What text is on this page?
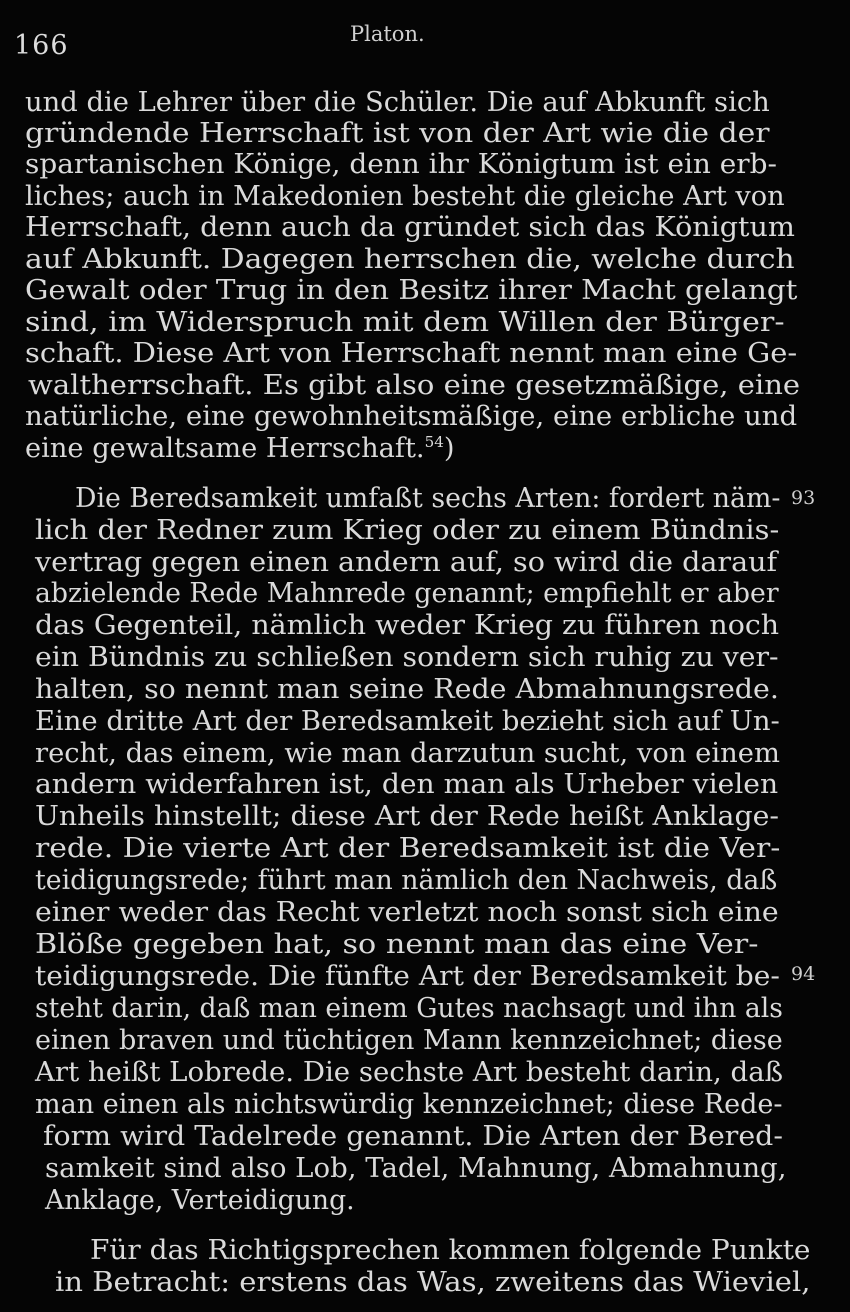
166	Platon.
und die Lehrer über die Schüler. Die auf Abkunft sich
gründende Herrschaft ist von der Art wie die der
spartanischen Könige, denn ihr Königtum ist ein erb-
liches; auch in Makedonien besteht die gleiche Art von
Herrschaft, denn auch da gründet sich das Königtum
auf Abkunft. Dagegen herrschen die, welche durch
Gewalt oder Trug in den Besitz ihrer Macht gelangt
sind, im Widerspruch mit dem Willen der Bürger-
schaft. Diese Art von Herrschaft nennt man eine Ge-
waltherrschaft. Es gibt also eine gesetzmäßige, eine
natürliche, eine gewohnheitsmäßige, eine erbliche und
eine gewaltsame Herrschaft.$^{54}$)
Die Beredsamkeit umfaßt sechs Arten: fordert näm-
lich der Redner zum Krieg oder zu einem Bündnis-
vertrag gegen einen andern auf, so wird die darauf
abzielende Rede Mahnrede genannt; empfiehlt er aber
das Gegenteil, nämlich weder Krieg zu führen noch
ein Bündnis zu schließen sondern sich ruhig zu ver-
halten, so nennt man seine Rede Abmahnungsrede.
Eine dritte Art der Beredsamkeit bezieht sich auf Un-
recht, das einem, wie man darzutun sucht, von einem
andern widerfahren ist, den man als Urheber vielen
Unheils hinstellt; diese Art der Rede heißt Anklage-
rede. Die vierte Art der Beredsamkeit ist die Ver-
teidigungsrede; führt man nämlich den Nachweis, daß
einer weder das Recht verletzt noch sonst sich eine
Blöße gegeben hat, so nennt man das eine Ver-
teidigungsrede. Die fünfte Art der Beredsamkeit be-
steht darin, daß man einem Gutes nachsagt und ihn als
einen braven und tüchtigen Mann kennzeichnet; diese
Art heißt Lobrede. Die sechste Art besteht darin, daß
man einen als nichtswürdig kennzeichnet; diese Rede-
form wird Tadelrede genannt. Die Arten der Bered-
samkeit sind also Lob, Tadel, Mahnung, Abmahnung,
Anklage, Verteidigung.
Für das Richtigsprechen kommen folgende Punkte
in Betracht: erstens das Was, zweitens das Wieviel,
93
94
